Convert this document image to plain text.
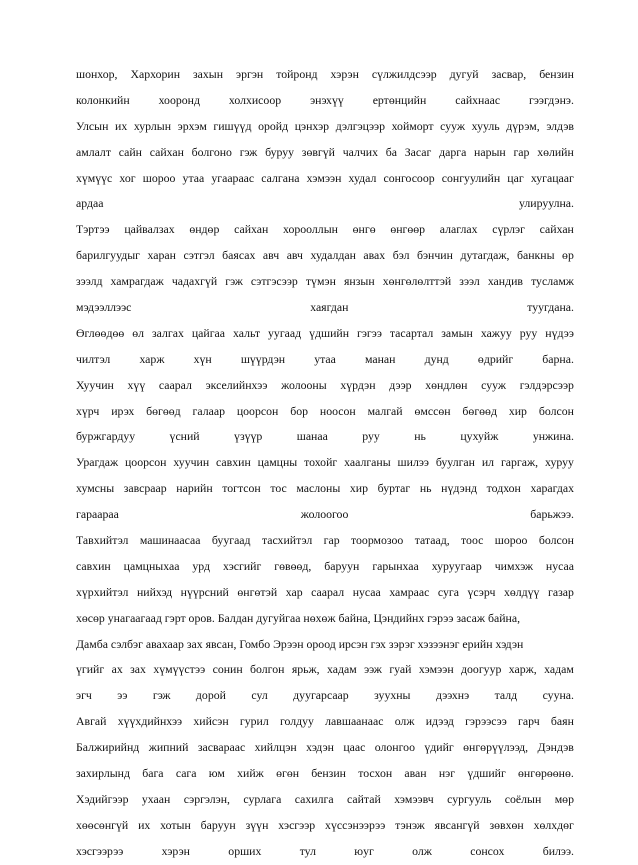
шонхор, Хархорин захын эргэн тойронд хэрэн сүлжилдсээр дугуй засвар, бензин
колонкийн хооронд холхисоор энэхүү ертөнцийн сайхнаас гээгдэнэ.
Улсын их хурлын эрхэм гишүүд оройд цэнхэр дэлгэцээр хойморт сууж хууль дүрэм, элдэв
амлалт сайн сайхан болгоно гэж буруу зөвгүй чалчих ба Засаг дарга нарын гар хөлийн
хүмүүс хог шороо утаа угаараас салгана хэмээн худал сонгосоор сонгуулийн цаг хугацааг
ардаа	улируулна.
Тэртээ цайвалзах өндөр сайхан хорооллын өнгө өнгөөр алаглах сүрлэг сайхан
барилгуудыг харан сэтгэл баясах авч авч худалдан авах бэл бэнчин дутагдаж, банкны өр
зээлд хамрагдаж чадахгүй гэж сэтгэсээр түмэн янзын хөнгөлөлттэй зээл хандив тусламж
мэдээллээс	хаягдан	туугдана.
Өглөөдөө өл залгах цайгаа хальт уугаад үдшийн гэгээ тасартал замын хажуу руу нүдээ
чилтэл харж хүн шүүрдэн утаа манан дунд өдрийг барна.
Хуучин хүү саарал экселийнхээ жолооны хүрдэн дээр хөндлөн сууж гэлдэрсээр
хүрч ирэх бөгөөд галаар цоорсон бор ноосон малгай өмссөн бөгөөд хир болсон
буржгардуу	үсний	үзүүр	шанаа	руу	нь	цухуйж	унжина.
Урагдаж цоорсон хуучин савхин цамцны тохойг хаалганы шилээ буулган ил гаргаж, хуруу
хумсны завсраар нарийн тогтсон тос маслоны хир буртаг нь нүдэнд тодхон харагдах
гараараа	жолоогоо	барьжээ.
Тавхийтэл машинаасаа буугаад тасхийтэл гар тоормозоо татаад, тоос шороо болсон
савхин цамцныхаа урд хэсгийг гөвөөд, баруун гарынхаа хуруугаар чимхэж нусаа
хүрхийтэл нийхэд нүүрсний өнгөтэй хар саарал нусаа хамраас суга үсэрч хөлдүү газар
хөсөр унагаагаад гэрт оров. Балдан дугуйгаа нөхөж байна, Цэндийнх гэрээ засаж байна,
Дамба сэлбэг авахаар зах явсан, Гомбо Эрээн ороод ирсэн гэх зэрэг хэзээнэг ерийн хэдэн
үгийг ах зах хүмүүстээ сонин болгон ярьж, хадам ээж гуай хэмээн доогуур харж, хадам
эгч ээ гэж дорой сул дуугарсаар зуухны дээхнэ талд сууна.
Авгай хүүхдийнхээ хийсэн гурил голдуу лавшаанаас олж идээд гэрээсээ гарч баян
Балжирийнд жипний засвараас хийлцэн хэдэн цаас олонгоо үдийг өнгөрүүлээд, Дэндэв
захирлынд бага сага юм хийж өгөн бензин тосхон аван нэг үдшийг өнгөрөөнө.
Хэдийгээр ухаан сэргэлэн, сурлага сахилга сайтай хэмээвч сургууль соёлын мөр
хөөсөнгүй их хотын баруун зүүн хэсгээр хүссэнээрээ тэнэж явсангүй зөвхөн хөлхдөг
хэсгээрээ	хэрэн	орших	тул	юуг	олж	сонсох	билээ.
